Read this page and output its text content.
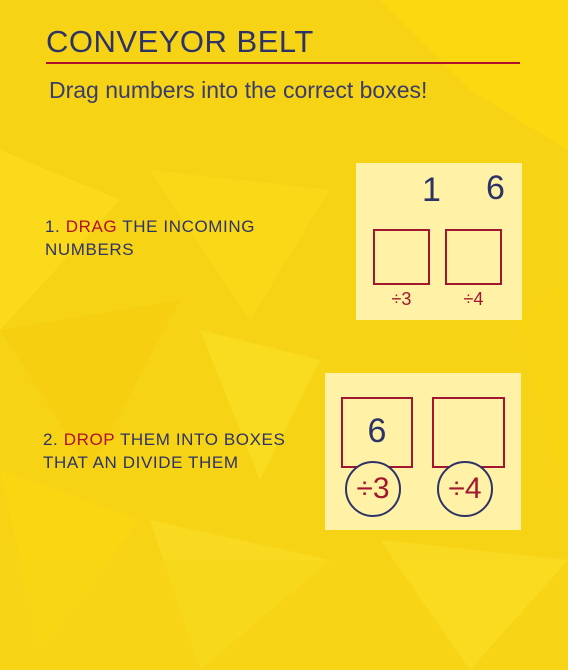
CONVEYOR BELT
Drag numbers into the correct boxes!
1. DRAG THE INCOMING NUMBERS
2. DROP THEM INTO BOXES THAT AN DIVIDE THEM
1 6
÷3	÷4
6
÷3	÷4
